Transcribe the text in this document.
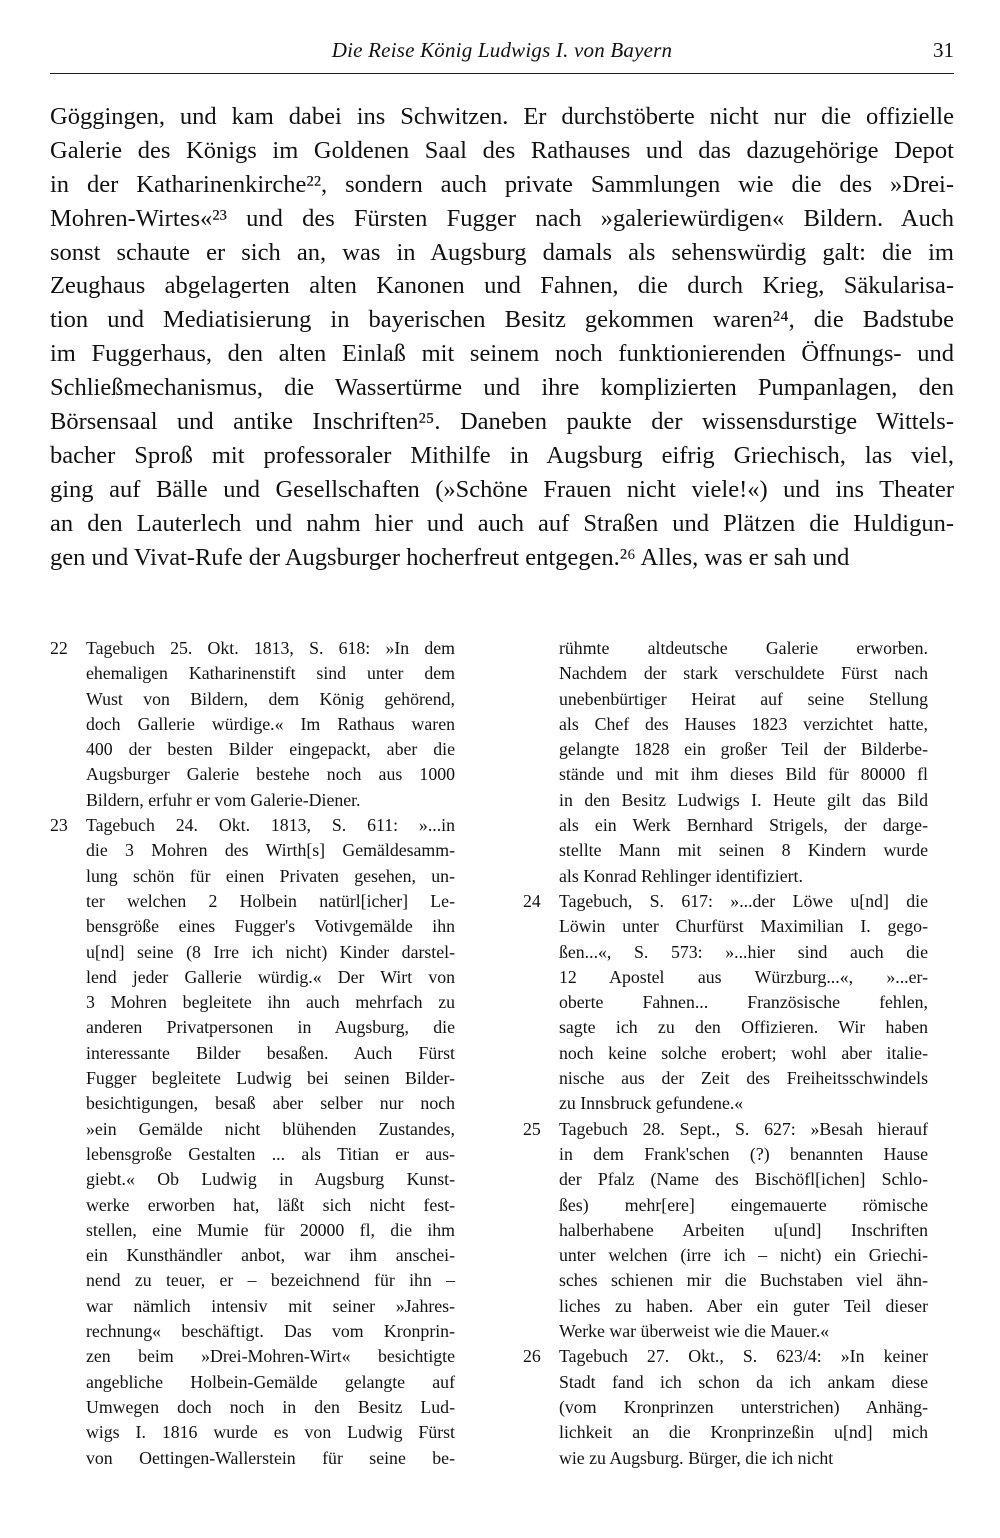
Die Reise König Ludwigs I. von Bayern	31
Göggingen, und kam dabei ins Schwitzen. Er durchstöberte nicht nur die offizielle
Galerie des Königs im Goldenen Saal des Rathauses und das dazugehörige Depot
in der Katharinenkirche²², sondern auch private Sammlungen wie die des »Drei-
Mohren-Wirtes«²³ und des Fürsten Fugger nach »galeriewürdigen« Bildern. Auch
sonst schaute er sich an, was in Augsburg damals als sehenswürdig galt: die im
Zeughaus abgelagerten alten Kanonen und Fahnen, die durch Krieg, Säkularisa-
tion und Mediatisierung in bayerischen Besitz gekommen waren²⁴, die Badstube
im Fuggerhaus, den alten Einlaß mit seinem noch funktionierenden Öffnungs- und
Schließmechanismus, die Wassertürme und ihre komplizierten Pumpanlagen, den
Börsensaal und antike Inschriften²⁵. Daneben paukte der wissensdurstige Wittels-
bacher Sproß mit professoraler Mithilfe in Augsburg eifrig Griechisch, las viel,
ging auf Bälle und Gesellschaften (»Schöne Frauen nicht viele!«) und ins Theater
an den Lauterlech und nahm hier und auch auf Straßen und Plätzen die Huldigun-
gen und Vivat-Rufe der Augsburger hocherfreut entgegen.²⁶ Alles, was er sah und
22 Tagebuch 25. Okt. 1813, S. 618: »In dem
ehemaligen Katharinenstift sind unter dem
Wust von Bildern, dem König gehörend,
doch Gallerie würdige.« Im Rathaus waren
400 der besten Bilder eingepackt, aber die
Augsburger Galerie bestehe noch aus 1000
Bildern, erfuhr er vom Galerie-Diener.
23 Tagebuch 24. Okt. 1813, S. 611: »...in
die 3 Mohren des Wirth[s] Gemäldesamm-
lung schön für einen Privaten gesehen, un-
ter welchen 2 Holbein natürl[icher] Le-
bensgröße eines Fugger's Votivgemälde ihn
u[nd] seine (8 Irre ich nicht) Kinder darstel-
lend jeder Gallerie würdig.« Der Wirt von
3 Mohren begleitete ihn auch mehrfach zu
anderen Privatpersonen in Augsburg, die
interessante Bilder besaßen. Auch Fürst
Fugger begleitete Ludwig bei seinen Bilder-
besichtigungen, besaß aber selber nur noch
»ein Gemälde nicht blühenden Zustandes,
lebensgroße Gestalten ... als Titian er aus-
giebt.« Ob Ludwig in Augsburg Kunst-
werke erworben hat, läßt sich nicht fest-
stellen, eine Mumie für 20000 fl, die ihm
ein Kunsthändler anbot, war ihm anschei-
nend zu teuer, er – bezeichnend für ihn –
war nämlich intensiv mit seiner »Jahres-
rechnung« beschäftigt. Das vom Kronprin-
zen beim »Drei-Mohren-Wirt« besichtigte
angebliche Holbein-Gemälde gelangte auf
Umwegen doch noch in den Besitz Lud-
wigs I. 1816 wurde es von Ludwig Fürst
von Oettingen-Wallerstein für seine be-
rühmte altdeutsche Galerie erworben.
Nachdem der stark verschuldete Fürst nach
unebenbürtiger Heirat auf seine Stellung
als Chef des Hauses 1823 verzichtet hatte,
gelangte 1828 ein großer Teil der Bilderbe-
stände und mit ihm dieses Bild für 80000 fl
in den Besitz Ludwigs I. Heute gilt das Bild
als ein Werk Bernhard Strigels, der darge-
stellte Mann mit seinen 8 Kindern wurde
als Konrad Rehlinger identifiziert.
24 Tagebuch, S. 617: »...der Löwe u[nd] die
Löwin unter Churfürst Maximilian I. gego-
ßen...«, S. 573: »...hier sind auch die
12 Apostel aus Würzburg...«, »...er-
oberte Fahnen... Französische fehlen,
sagte ich zu den Offizieren. Wir haben
noch keine solche erobert; wohl aber italie-
nische aus der Zeit des Freiheitsschwindels
zu Innsbruck gefundene.«
25 Tagebuch 28. Sept., S. 627: »Besah hierauf
in dem Frank'schen (?) benannten Hause
der Pfalz (Name des Bischöfl[ichen] Schlo-
ßes) mehr[ere] eingemauerte römische
halberhabene Arbeiten u[und] Inschriften
unter welchen (irre ich – nicht) ein Griechi-
sches schienen mir die Buchstaben viel ähn-
liches zu haben. Aber ein guter Teil dieser
Werke war überweist wie die Mauer.«
26 Tagebuch 27. Okt., S. 623/4: »In keiner
Stadt fand ich schon da ich ankam diese
(vom Kronprinzen unterstrichen) Anhäng-
lichkeit an die Kronprinzeßin u[nd] mich
wie zu Augsburg. Bürger, die ich nicht
